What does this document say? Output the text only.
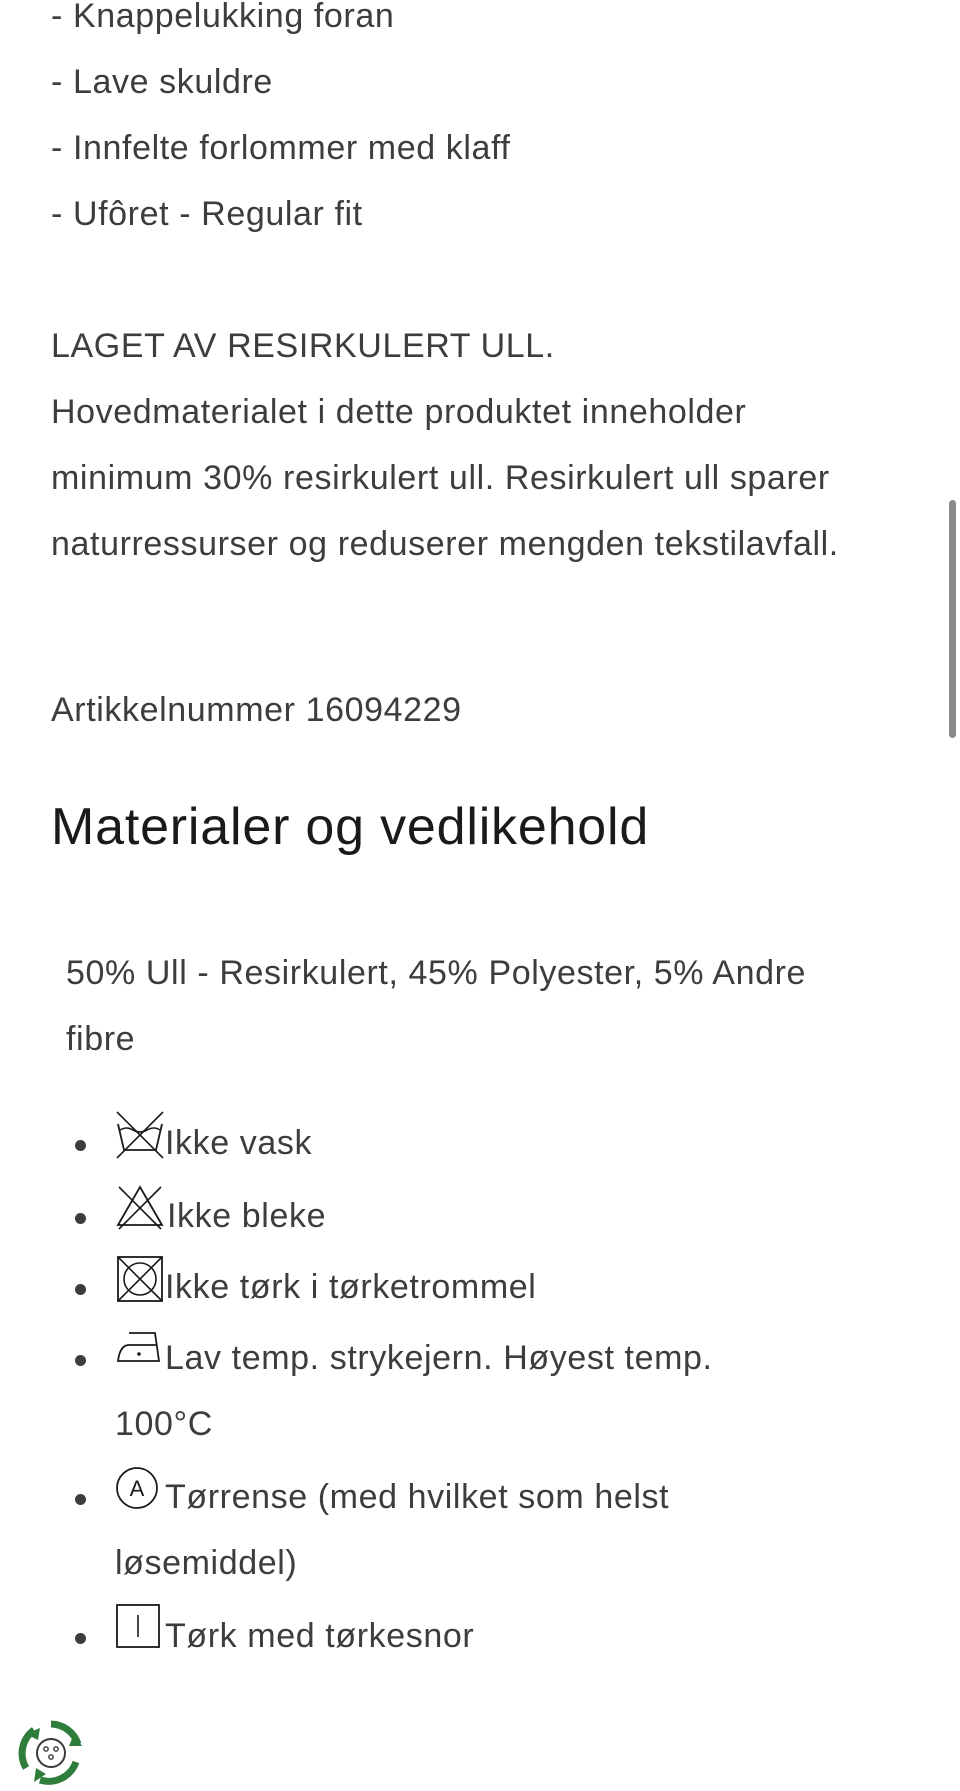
- Knappelukking foran
- Lave skuldre
- Innfelte forlommer med klaff
- Ufôret - Regular fit
LAGET AV RESIRKULERT ULL.
Hovedmaterialet i dette produktet inneholder minimum 30% resirkulert ull. Resirkulert ull sparer naturressurser og reduserer mengden tekstilavfall.
Artikkelnummer 16094229
Materialer og vedlikehold
50% Ull - Resirkulert, 45% Polyester, 5% Andre fibre
Ikke vask
Ikke bleke
Ikke tørk i tørketrommel
Lav temp. strykejern. Høyest temp. 100°C
A Tørrense (med hvilket som helst løsemiddel)
Tørk med tørkesnor
